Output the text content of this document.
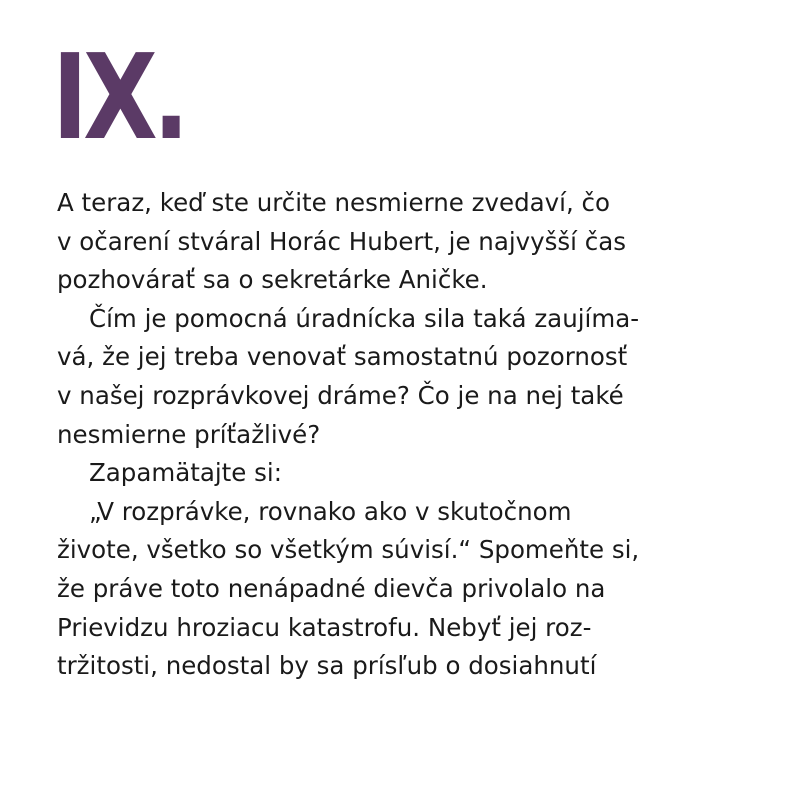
IX.
A teraz, keď ste určite nesmierne zvedaví, čo
v očarení stváral Horác Hubert, je najvyšší čas
pozhovárať sa o sekretárke Aničke.
Čím je pomocná úradnícka sila taká zaujíma-
vá, že jej treba venovať samostatnú pozornosť
v našej rozprávkovej dráme? Čo je na nej také
nesmierne príťažlivé?
Zapamätajte si:
„V rozprávke, rovnako ako v skutočnom
živote, všetko so všetkým súvisí.“ Spomeňte si,
že práve toto nenápadné dievča privolalo na
Prievidzu hroziacu katastrofu. Nebyť jej roz-
tržitosti, nedostal by sa prísľub o dosiahnutí
